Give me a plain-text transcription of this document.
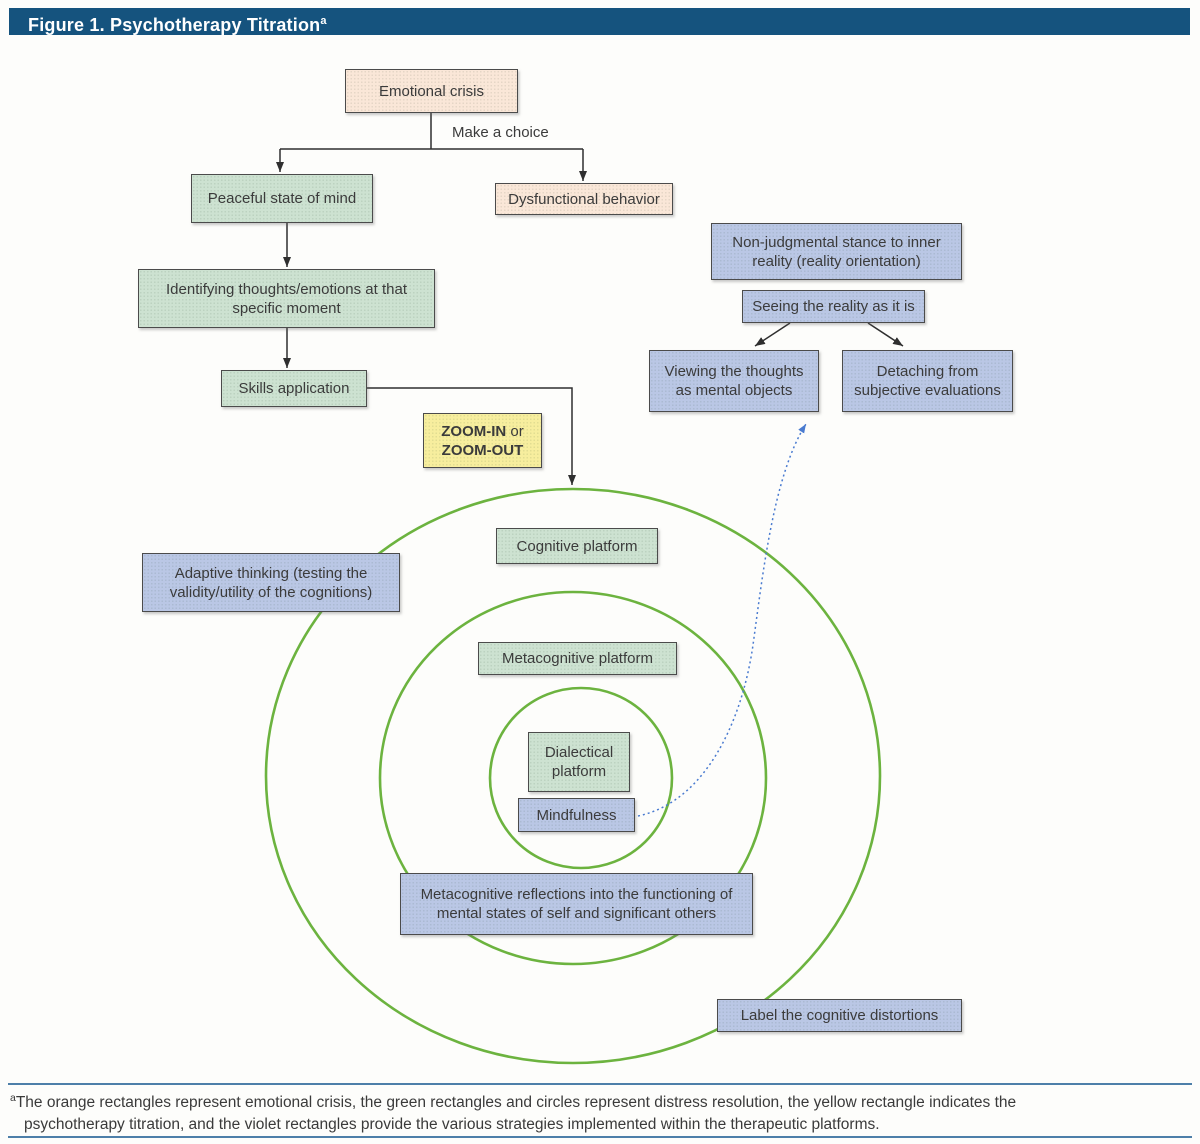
Figure 1. Psychotherapy Titration$^a$
Emotional crisis
Make a choice
Peaceful state of mind	Dysfunctional behavior
Identifying thoughts/emotions at that specific moment
Skills application
ZOOM-IN or
ZOOM-OUT
Non-judgmental stance to inner reality (reality orientation)
Seeing the reality as it is
Viewing the thoughts as mental objects
Detaching from subjective evaluations
Adaptive thinking (testing the validity/utility of the cognitions)
Cognitive platform
Metacognitive platform
Dialectical platform
Mindfulness
Metacognitive reflections into the functioning of mental states of self and significant others
Label the cognitive distortions
$^a$The orange rectangles represent emotional crisis, the green rectangles and circles represent distress resolution, the yellow rectangle indicates the
psychotherapy titration, and the violet rectangles provide the various strategies implemented within the therapeutic platforms.
